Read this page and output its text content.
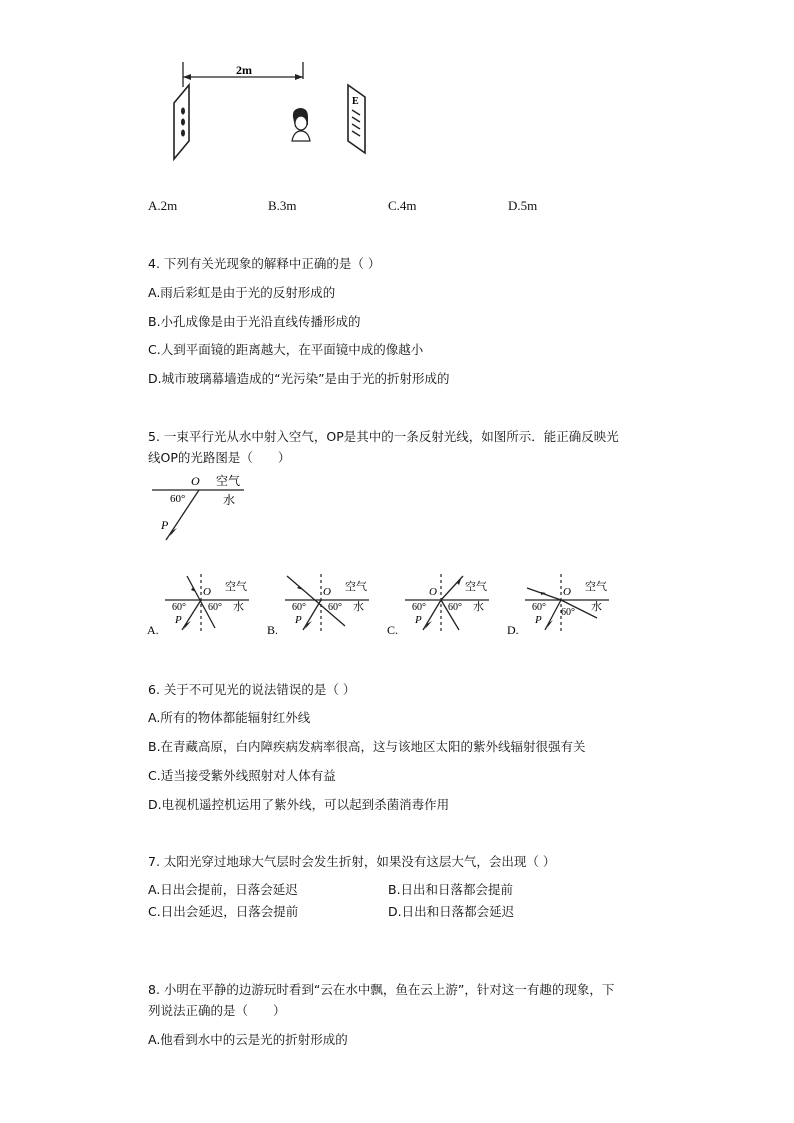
2m
E
A.2m	B.3m	C.4m	D.5m
4. 下列有关光现象的解释中正确的是（ ）
A.雨后彩虹是由于光的反射形成的
B.小孔成像是由于光沿直线传播形成的
C.人到平面镜的距离越大，在平面镜中成的像越小
D.城市玻璃幕墙造成的“光污染”是由于光的折射形成的
5. 一束平行光从水中射入空气，OP是其中的一条反射光线，如图所示．能正确反映光
线OP的光路图是（　　）
O 空气
水
60°
P
A.
O 空气
水
60° 60°
P
B.
O 空气
水
60° 60°
P
C.
O	空气
水
60° 60°
P
D.
O 空气
水
60° 60°
P
6. 关于不可见光的说法错误的是（ ）
A.所有的物体都能辐射红外线
B.在青藏高原，白内障疾病发病率很高，这与该地区太阳的紫外线辐射很强有关
C.适当接受紫外线照射对人体有益
D.电视机遥控机运用了紫外线，可以起到杀菌消毒作用
7. 太阳光穿过地球大气层时会发生折射，如果没有这层大气，会出现（ ）
A.日出会提前，日落会延迟	B.日出和日落都会提前
C.日出会延迟，日落会提前	D.日出和日落都会延迟
8. 小明在平静的边游玩时看到“云在水中飘，鱼在云上游”，针对这一有趣的现象，下
列说法正确的是（　　）
A.他看到水中的云是光的折射形成的
